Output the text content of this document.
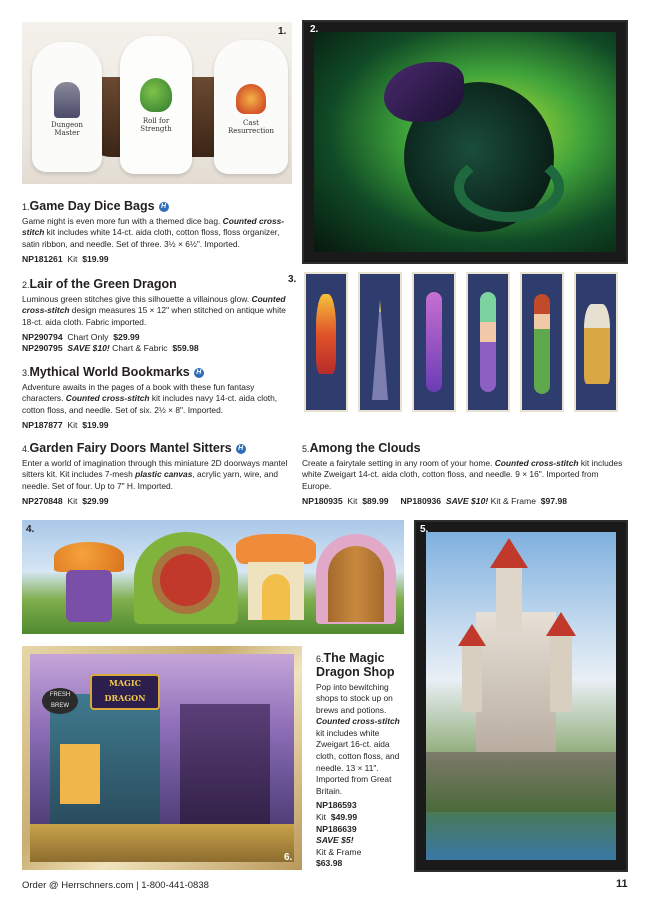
Dungeon
Master
Roll for
Strength
Cast
Resurrection
1. 2.
1.Game Day Dice Bags H
Game night is even more fun with a themed dice bag. Counted cross-stitch kit includes white 14-ct. aida cloth, cotton floss, floss organizer, satin ribbon, and needle. Set of three. 3½ × 6½". Imported.
NP181261 Kit $19.99
2.Lair of the Green Dragon
Luminous green stitches give this silhouette a villainous glow. Counted cross-stitch design measures 15 × 12" when stitched on antique white 18-ct. aida cloth. Fabric imported.
NP290794 Chart Only $29.99
NP290795 SAVE $10! Chart & Fabric $59.98
3.Mythical World Bookmarks H
Adventure awaits in the pages of a book with these fun fantasy characters. Counted cross-stitch kit includes navy 14-ct. aida cloth, cotton floss, and needle. Set of six. 2½ × 8". Imported.
NP187877 Kit $19.99
3.
4.Garden Fairy Doors Mantel Sitters H
Enter a world of imagination through this miniature 2D doorways mantel sitters kit. Kit includes 7-mesh plastic canvas, acrylic yarn, wire, and needle. Set of four. Up to 7" H. Imported.
NP270848 Kit $29.99
5.Among the Clouds
Create a fairytale setting in any room of your home. Counted cross-stitch kit includes white Zweigart 14-ct. aida cloth, cotton floss, and needle. 9 × 16". Imported from Europe.
NP180935 Kit $89.99 NP180936 SAVE $10! Kit & Frame $97.98
4.
MAGIC
DRAGON
FRESH
BREW
6.
6.The Magic
Dragon Shop
Pop into bewitching shops to stock up on brews and potions. Counted cross-stitch kit includes white Zweigart 16-ct. aida cloth, cotton floss, and needle. 13 × 11". Imported from Great Britain.
NP186593
Kit $49.99
NP186639
SAVE $5!
Kit & Frame
$63.98
5.
Order @ Herrschners.com | 1-800-441-0838	11
